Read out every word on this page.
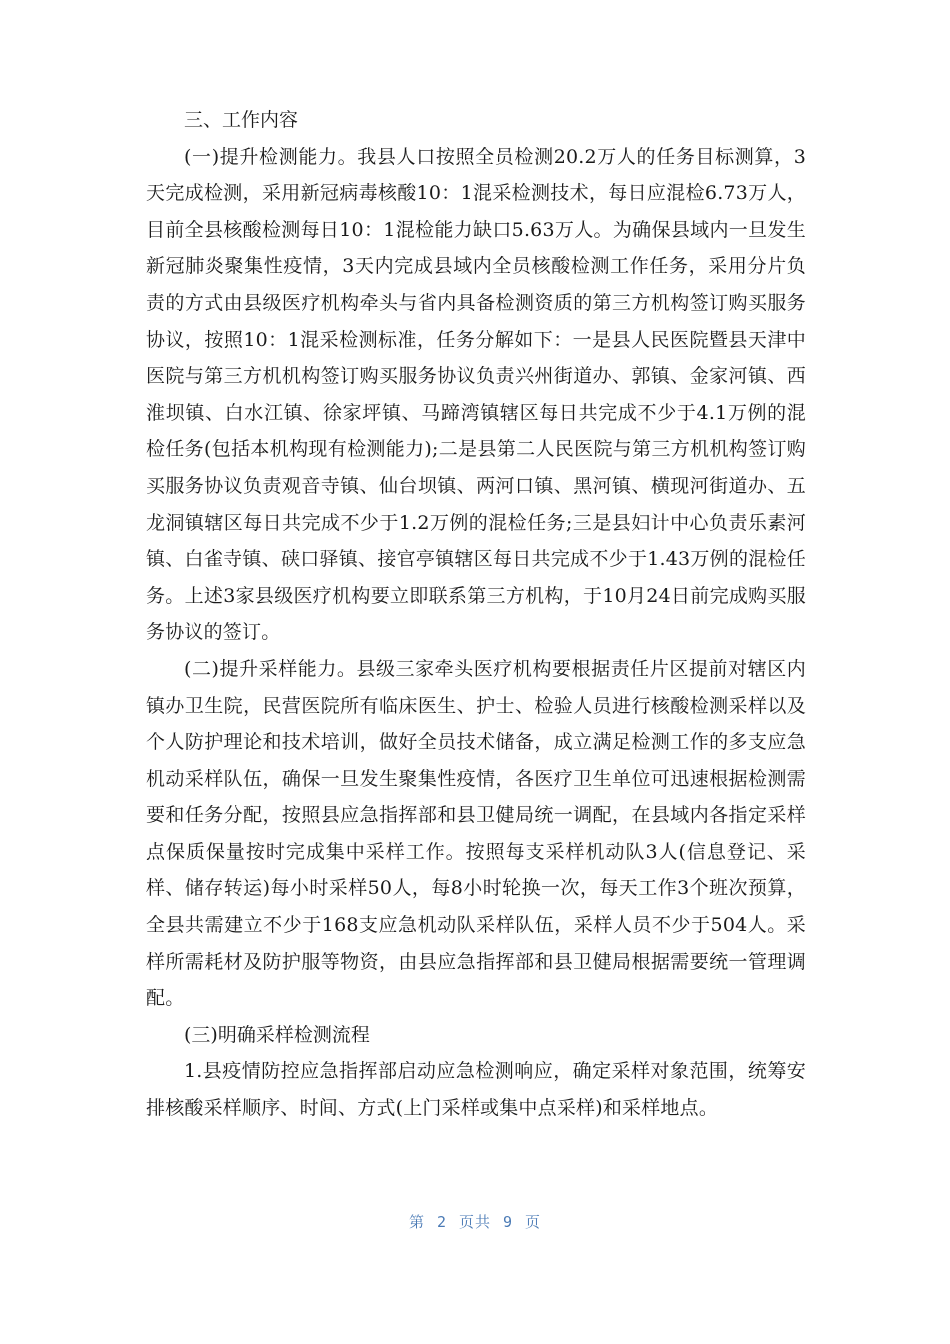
三、工作内容

(一)提升检测能力。我县人口按照全员检测20.2万人的任务目标测算，3天完成检测，采用新冠病毒核酸10：1混采检测技术，每日应混检6.73万人，目前全县核酸检测每日10：1混检能力缺口5.63万人。为确保县域内一旦发生新冠肺炎聚集性疫情，3天内完成县域内全员核酸检测工作任务，采用分片负责的方式由县级医疗机构牵头与省内具备检测资质的第三方机构签订购买服务协议，按照10：1混采检测标准，任务分解如下：一是县人民医院暨县天津中医院与第三方机机构签订购买服务协议负责兴州街道办、郭镇、金家河镇、西淮坝镇、白水江镇、徐家坪镇、马蹄湾镇辖区每日共完成不少于4.1万例的混检任务(包括本机构现有检测能力);二是县第二人民医院与第三方机机构签订购买服务协议负责观音寺镇、仙台坝镇、两河口镇、黑河镇、横现河街道办、五龙洞镇辖区每日共完成不少于1.2万例的混检任务;三是县妇计中心负责乐素河镇、白雀寺镇、硖口驿镇、接官亭镇辖区每日共完成不少于1.43万例的混检任务。上述3家县级医疗机构要立即联系第三方机构，于10月24日前完成购买服务协议的签订。

(二)提升采样能力。县级三家牵头医疗机构要根据责任片区提前对辖区内镇办卫生院，民营医院所有临床医生、护士、检验人员进行核酸检测采样以及个人防护理论和技术培训，做好全员技术储备，成立满足检测工作的多支应急机动采样队伍，确保一旦发生聚集性疫情，各医疗卫生单位可迅速根据检测需要和任务分配，按照县应急指挥部和县卫健局统一调配，在县域内各指定采样点保质保量按时完成集中采样工作。按照每支采样机动队3人(信息登记、采样、储存转运)每小时采样50人，每8小时轮换一次，每天工作3个班次预算，全县共需建立不少于168支应急机动队采样队伍，采样人员不少于504人。采样所需耗材及防护服等物资，由县应急指挥部和县卫健局根据需要统一管理调配。

(三)明确采样检测流程

1.县疫情防控应急指挥部启动应急检测响应，确定采样对象范围，统筹安排核酸采样顺序、时间、方式(上门采样或集中点采样)和采样地点。

第 2 页共 9 页
